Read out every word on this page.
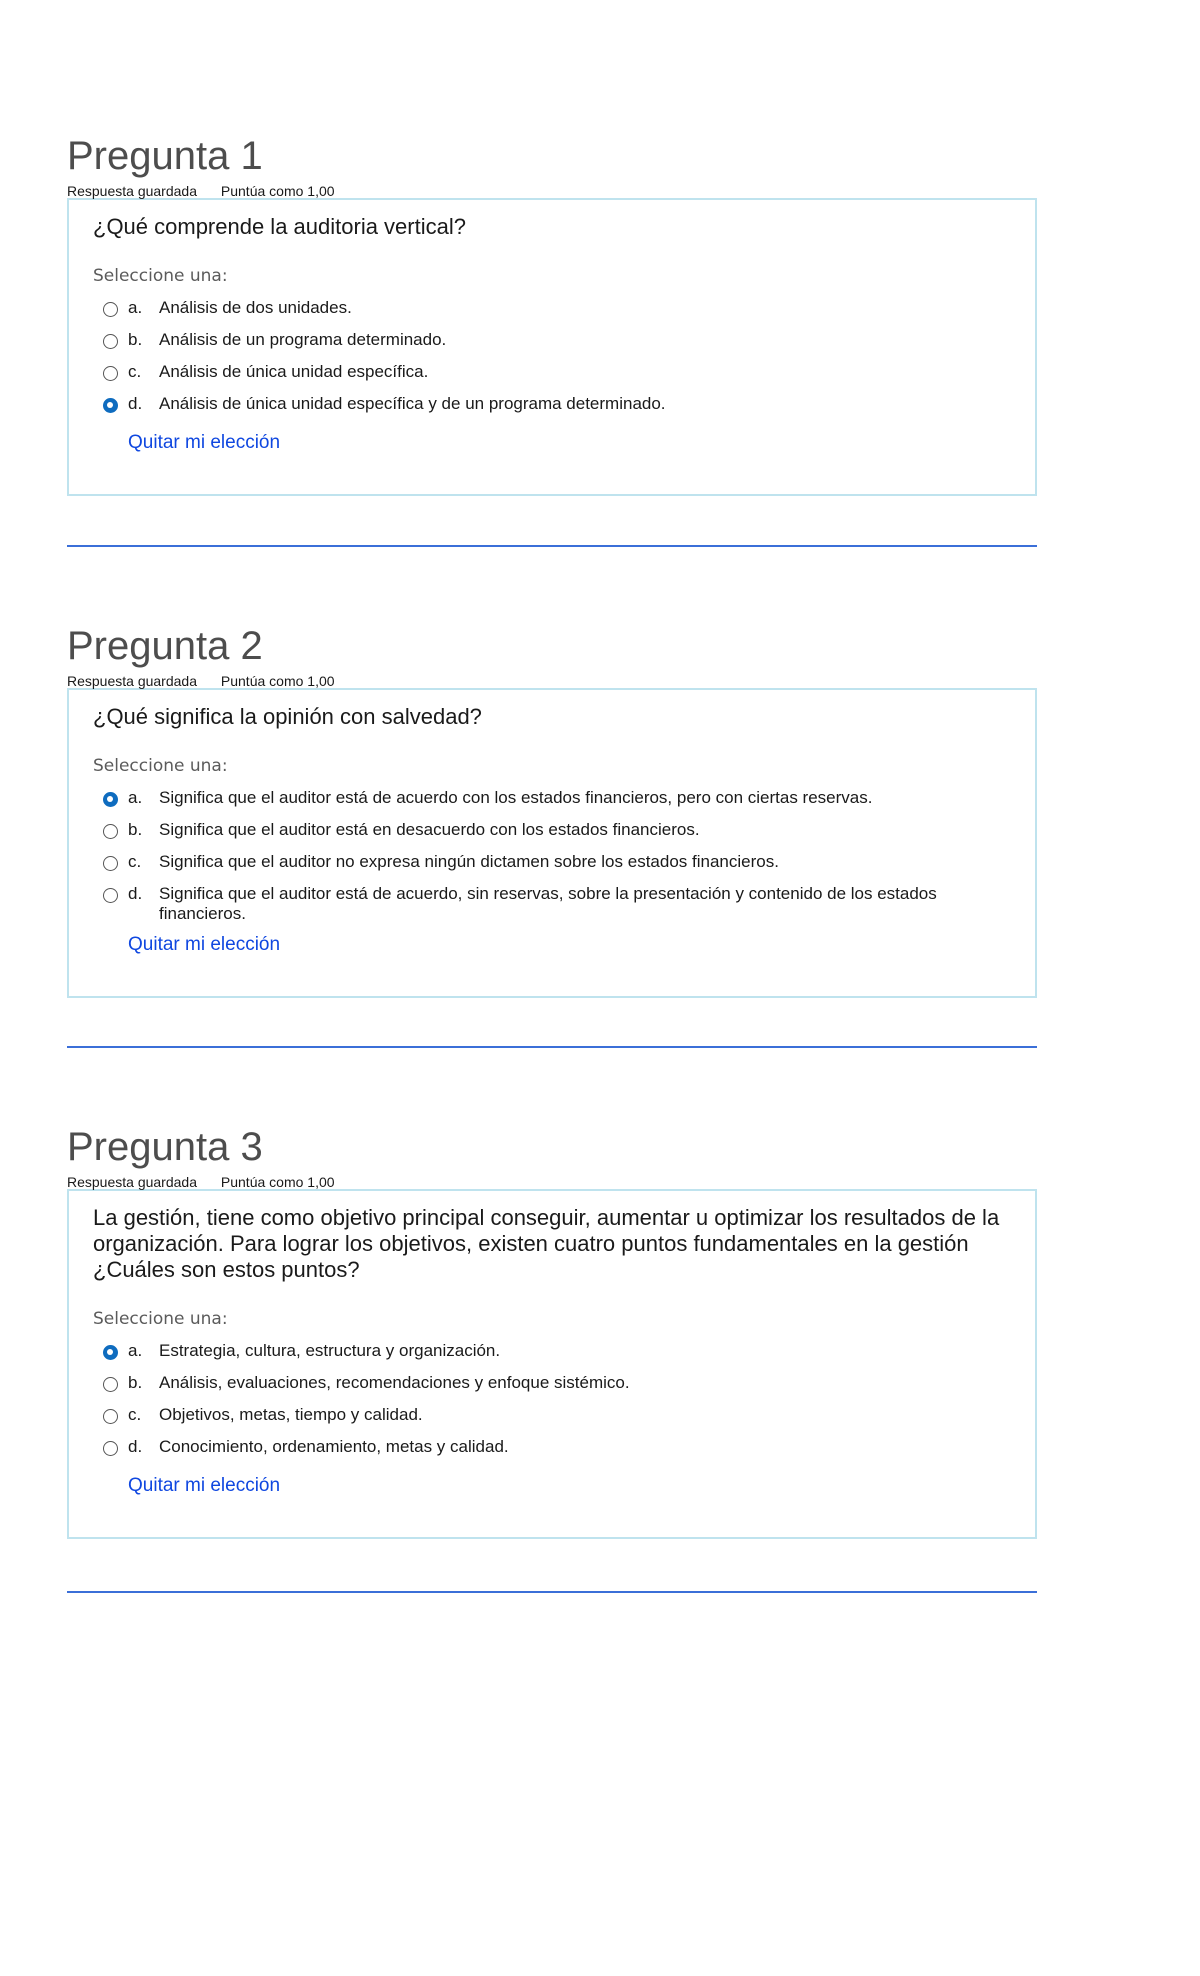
Pregunta 1
Respuesta guardada Puntúa como 1,00

¿Qué comprende la auditoria vertical?

Seleccione una:
a. Análisis de dos unidades.
b. Análisis de un programa determinado.
c.	Análisis de única unidad específica.
d. Análisis de única unidad específica y de un programa determinado.
Quitar mi elección
Pregunta 2
Respuesta guardada Puntúa como 1,00

¿Qué significa la opinión con salvedad?

Seleccione una:
a. Significa que el auditor está de acuerdo con los estados financieros, pero con ciertas reservas.
b. Significa que el auditor está en desacuerdo con los estados financieros.
c.	Significa que el auditor no expresa ningún dictamen sobre los estados financieros.
d. Significa que el auditor está de acuerdo, sin reservas, sobre la presentación y contenido de los estados financieros.
Quitar mi elección
Pregunta 3
Respuesta guardada Puntúa como 1,00

La gestión, tiene como objetivo principal conseguir, aumentar u optimizar los resultados de la organización. Para lograr los objetivos, existen cuatro puntos fundamentales en la gestión ¿Cuáles son estos puntos?

Seleccione una:
a. Estrategia, cultura, estructura y organización.
b. Análisis, evaluaciones, recomendaciones y enfoque sistémico.
c.	Objetivos, metas, tiempo y calidad.
d. Conocimiento, ordenamiento, metas y calidad.
Quitar mi elección
